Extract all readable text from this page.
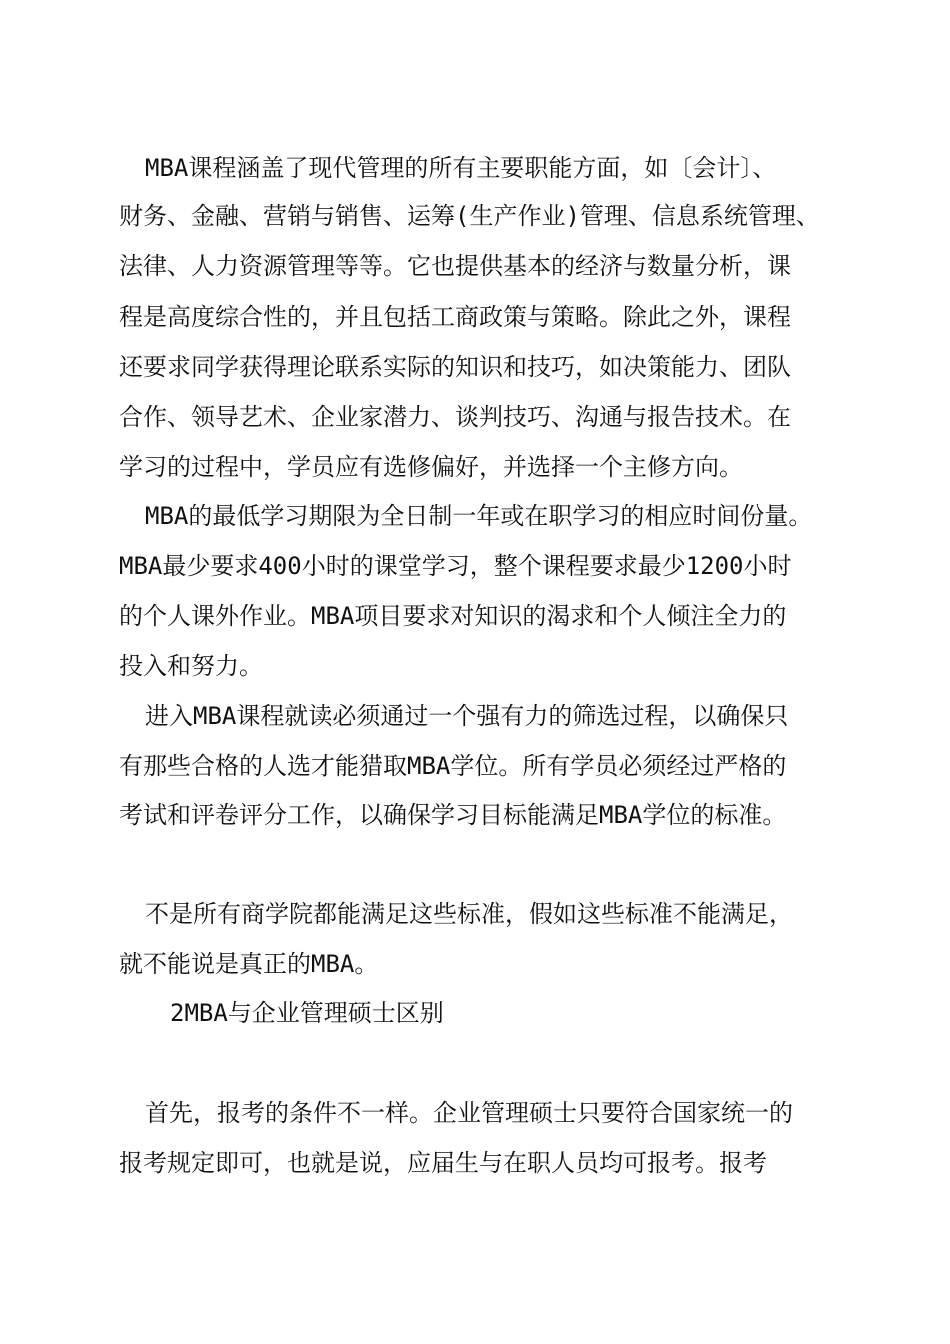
MBA课程涵盖了现代管理的所有主要职能方面，如〔会计〕、
财务、金融、营销与销售、运筹(生产作业)管理、信息系统管理、
法律、人力资源管理等等。它也提供基本的经济与数量分析，课
程是高度综合性的，并且包括工商政策与策略。除此之外，课程
还要求同学获得理论联系实际的知识和技巧，如决策能力、团队
合作、领导艺术、企业家潜力、谈判技巧、沟通与报告技术。在
学习的过程中，学员应有选修偏好，并选择一个主修方向。
MBA的最低学习期限为全日制一年或在职学习的相应时间份量。
MBA最少要求400小时的课堂学习，整个课程要求最少1200小时
的个人课外作业。MBA项目要求对知识的渴求和个人倾注全力的
投入和努力。
进入MBA课程就读必须通过一个强有力的筛选过程，以确保只
有那些合格的人选才能猎取MBA学位。所有学员必须经过严格的
考试和评卷评分工作，以确保学习目标能满足MBA学位的标准。
不是所有商学院都能满足这些标准，假如这些标准不能满足，
就不能说是真正的MBA。
2MBA与企业管理硕士区别
首先，报考的条件不一样。企业管理硕士只要符合国家统一的
报考规定即可，也就是说，应届生与在职人员均可报考。报考
